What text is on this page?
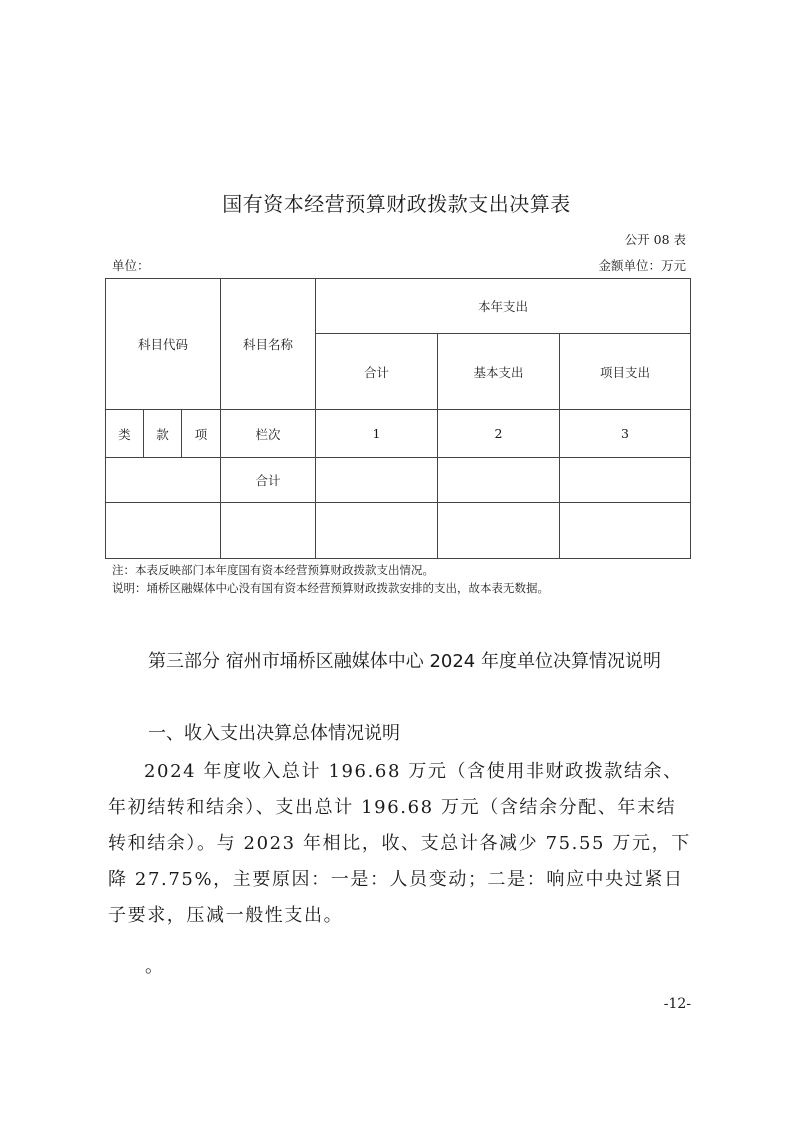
国有资本经营预算财政拨款支出决算表
公开 08 表
单位：	金额单位：万元
科目代码			科目名称	本年支出		
				合计	基本支出	项目支出
类	款	项	栏次	1	2	3
			合计			

注：本表反映部门本年度国有资本经营预算财政拨款支出情况。
说明：埇桥区融媒体中心没有国有资本经营预算财政拨款安排的支出，故本表无数据。
第三部分 宿州市埇桥区融媒体中心 2024 年度单位决算情况说明
一、收入支出决算总体情况说明
2024 年度收入总计 196.68 万元（含使用非财政拨款结余、年初结转和结余）、支出总计 196.68 万元（含结余分配、年末结转和结余）。与 2023 年相比，收、支总计各减少 75.55 万元，下降 27.75%，主要原因：一是：人员变动；二是：响应中央过紧日子要求，压减一般性支出。
。
-12-
